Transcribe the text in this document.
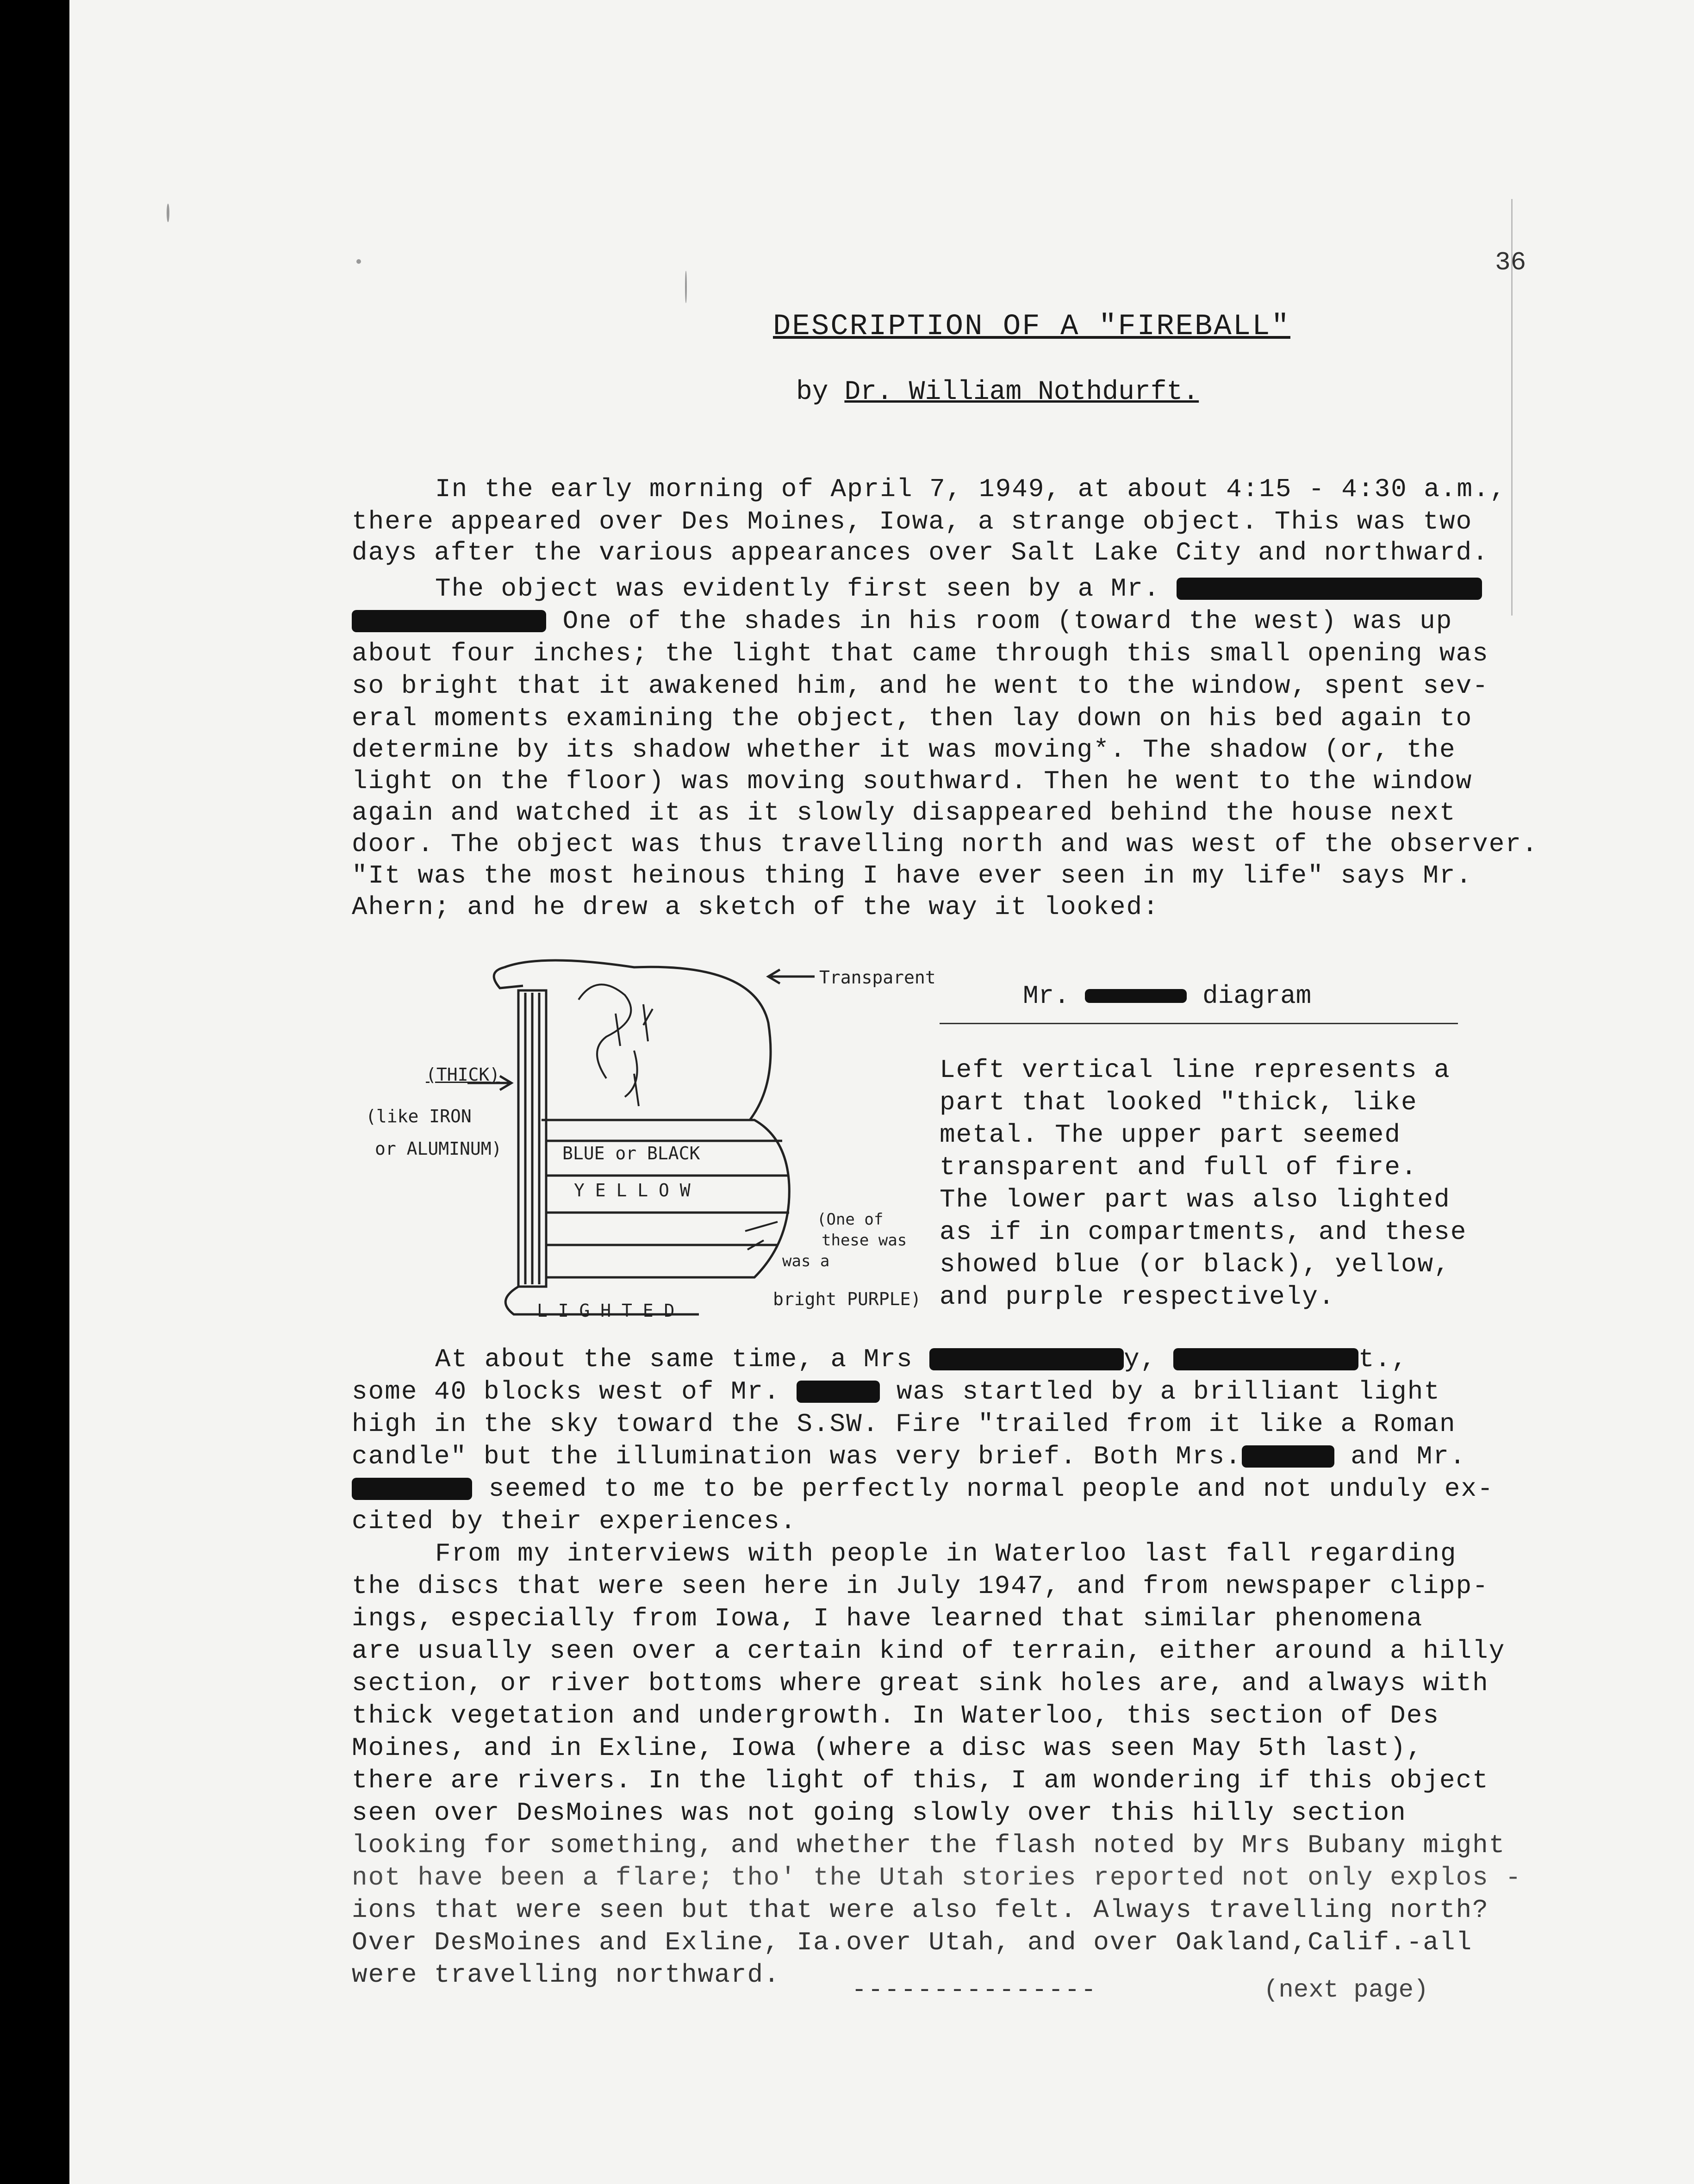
36
DESCRIPTION OF A "FIREBALL"
by Dr. William Nothdurft.
In the early morning of April 7, 1949, at about 4:15 - 4:30 a.m.,
there appeared over Des Moines, Iowa, a strange object. This was two
days after the various appearances over Salt Lake City and northward.
The object was evidently first seen by a Mr.
One of the shades in his room (toward the west) was up
about four inches; the light that came through this small opening was
so bright that it awakened him, and he went to the window, spent sev-
eral moments examining the object, then lay down on his bed again to
determine by its shadow whether it was moving*. The shadow (or, the
light on the floor) was moving southward. Then he went to the window
again and watched it as it slowly disappeared behind the house next
door. The object was thus travelling north and was west of the observer.
"It was the most heinous thing I have ever seen in my life" says Mr.
Ahern; and he drew a sketch of the way it looked:
Transparent
(THICK)
(like IRON
or ALUMINUM)	BLUE or BLACK
Y E L L O W
(One of
these was
was a
bright PURPLE)
L I G H T E D
Mr.	diagram
Left vertical line represents a
part that looked "thick, like
metal. The upper part seemed
transparent and full of fire.
The lower part was also lighted
as if in compartments, and these
showed blue (or black), yellow,
and purple respectively.
At about the same time, a Mrs	y,	t.,
some 40 blocks west of Mr.	was startled by a brilliant light
high in the sky toward the S.SW. Fire "trailed from it like a Roman
candle" but the illumination was very brief. Both Mrs.	and Mr.
seemed to me to be perfectly normal people and not unduly ex-
cited by their experiences.
From my interviews with people in Waterloo last fall regarding
the discs that were seen here in July 1947, and from newspaper clipp-
ings, especially from Iowa, I have learned that similar phenomena
are usually seen over a certain kind of terrain, either around a hilly
section, or river bottoms where great sink holes are, and always with
thick vegetation and undergrowth. In Waterloo, this section of Des
Moines, and in Exline, Iowa (where a disc was seen May 5th last),
there are rivers. In the light of this, I am wondering if this object
seen over DesMoines was not going slowly over this hilly section
looking for something, and whether the flash noted by Mrs Bubany might
not have been a flare; tho' the Utah stories reported not only explos -
ions that were seen but that were also felt. Always travelling north?
Over DesMoines and Exline, Ia.over Utah, and over Oakland,Calif.-all
were travelling northward.
---------------	(next page)
